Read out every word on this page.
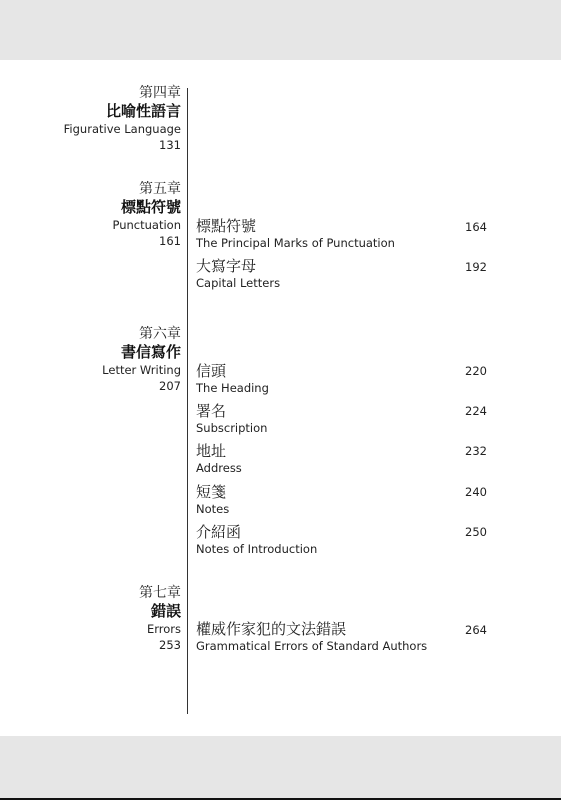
第四章
比喻性語言
Figurative Language
131
第五章
標點符號
Punctuation
161
標點符號
The Principal Marks of Punctuation
164
大寫字母
Capital Letters
192
第六章
書信寫作
Letter Writing
207
信頭
The Heading
220
署名
Subscription
224
地址
Address
232
短箋
Notes
240
介紹函
Notes of Introduction
250
第七章
錯誤
Errors
253
權威作家犯的文法錯誤
Grammatical Errors of Standard Authors
264
